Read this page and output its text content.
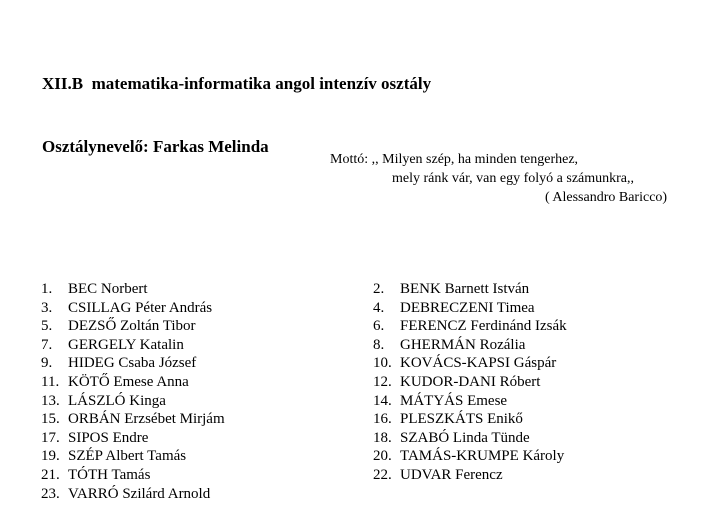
XII.B  matematika-informatika angol intenzív osztály

Osztálynevelő: Farkas Melinda

Mottó: ,, Milyen szép, ha minden tengerhez,
mely ránk vár, van egy folyó a számunkra,,
( Alessandro Baricco)
1.	BEC Norbert
3.	CSILLAG Péter András
5.	DEZSŐ Zoltán Tibor
7.	GERGELY Katalin
9.	HIDEG Csaba József
11. KÖTŐ Emese Anna
13. LÁSZLÓ Kinga
15. ORBÁN Erzsébet Mirjám
17. SIPOS Endre
19. SZÉP Albert Tamás
21. TÓTH Tamás
23. VARRÓ Szilárd Arnold
2.	BENK Barnett István
4.	DEBRECZENI Timea
6.	FERENCZ Ferdinánd Izsák
8.	GHERMÁN Rozália
10. KOVÁCS-KAPSI Gáspár
12. KUDOR-DANI Róbert
14. MÁTYÁS Emese
16. PLESZKÁTS Enikő
18. SZABÓ Linda Tünde
20. TAMÁS-KRUMPE Károly
22. UDVAR Ferencz
